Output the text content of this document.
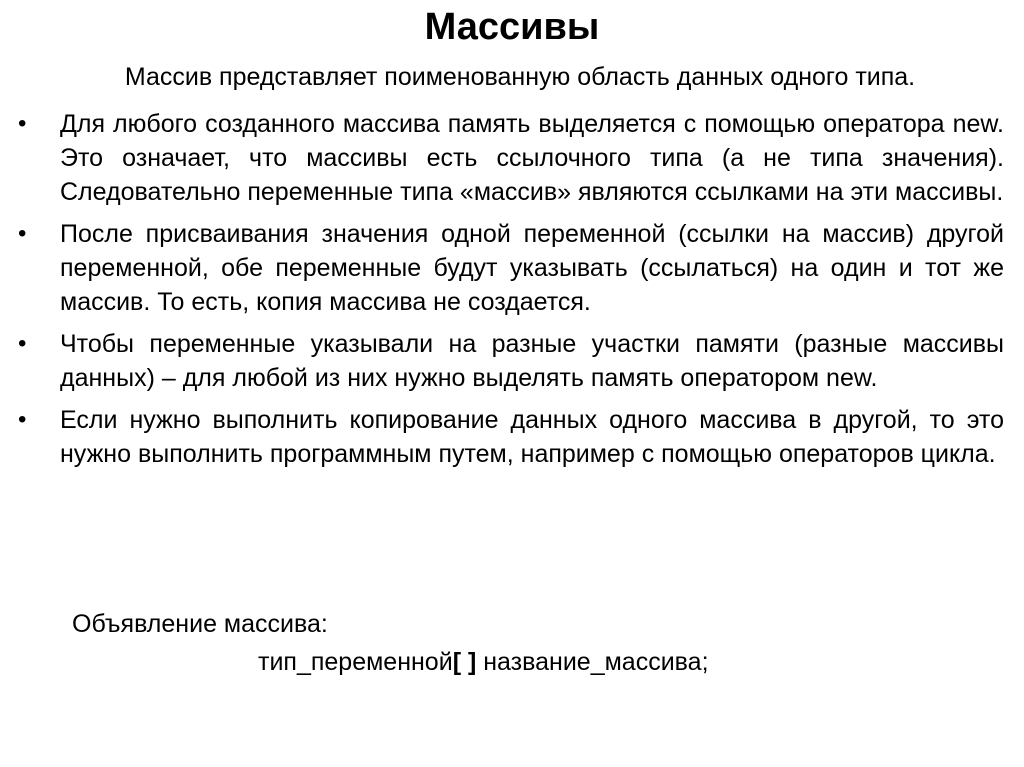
Массивы
Массив представляет поименованную область данных одного типа.
•	Для любого созданного массива память выделяется с помощью оператора new. Это означает, что массивы есть ссылочного типа (а не типа значения). Следовательно переменные типа «массив» являются ссылками на эти массивы.
•	После присваивания значения одной переменной (ссылки на массив) другой переменной, обе переменные будут указывать (ссылаться) на один и тот же массив. То есть, копия массива не создается.
•	Чтобы переменные указывали на разные участки памяти (разные массивы данных) – для любой из них нужно выделять память оператором new.
•	Если нужно выполнить копирование данных одного массива в другой, то это нужно выполнить программным путем, например с помощью операторов цикла.
Объявление массива:
тип_переменной[ ] название_массива;
